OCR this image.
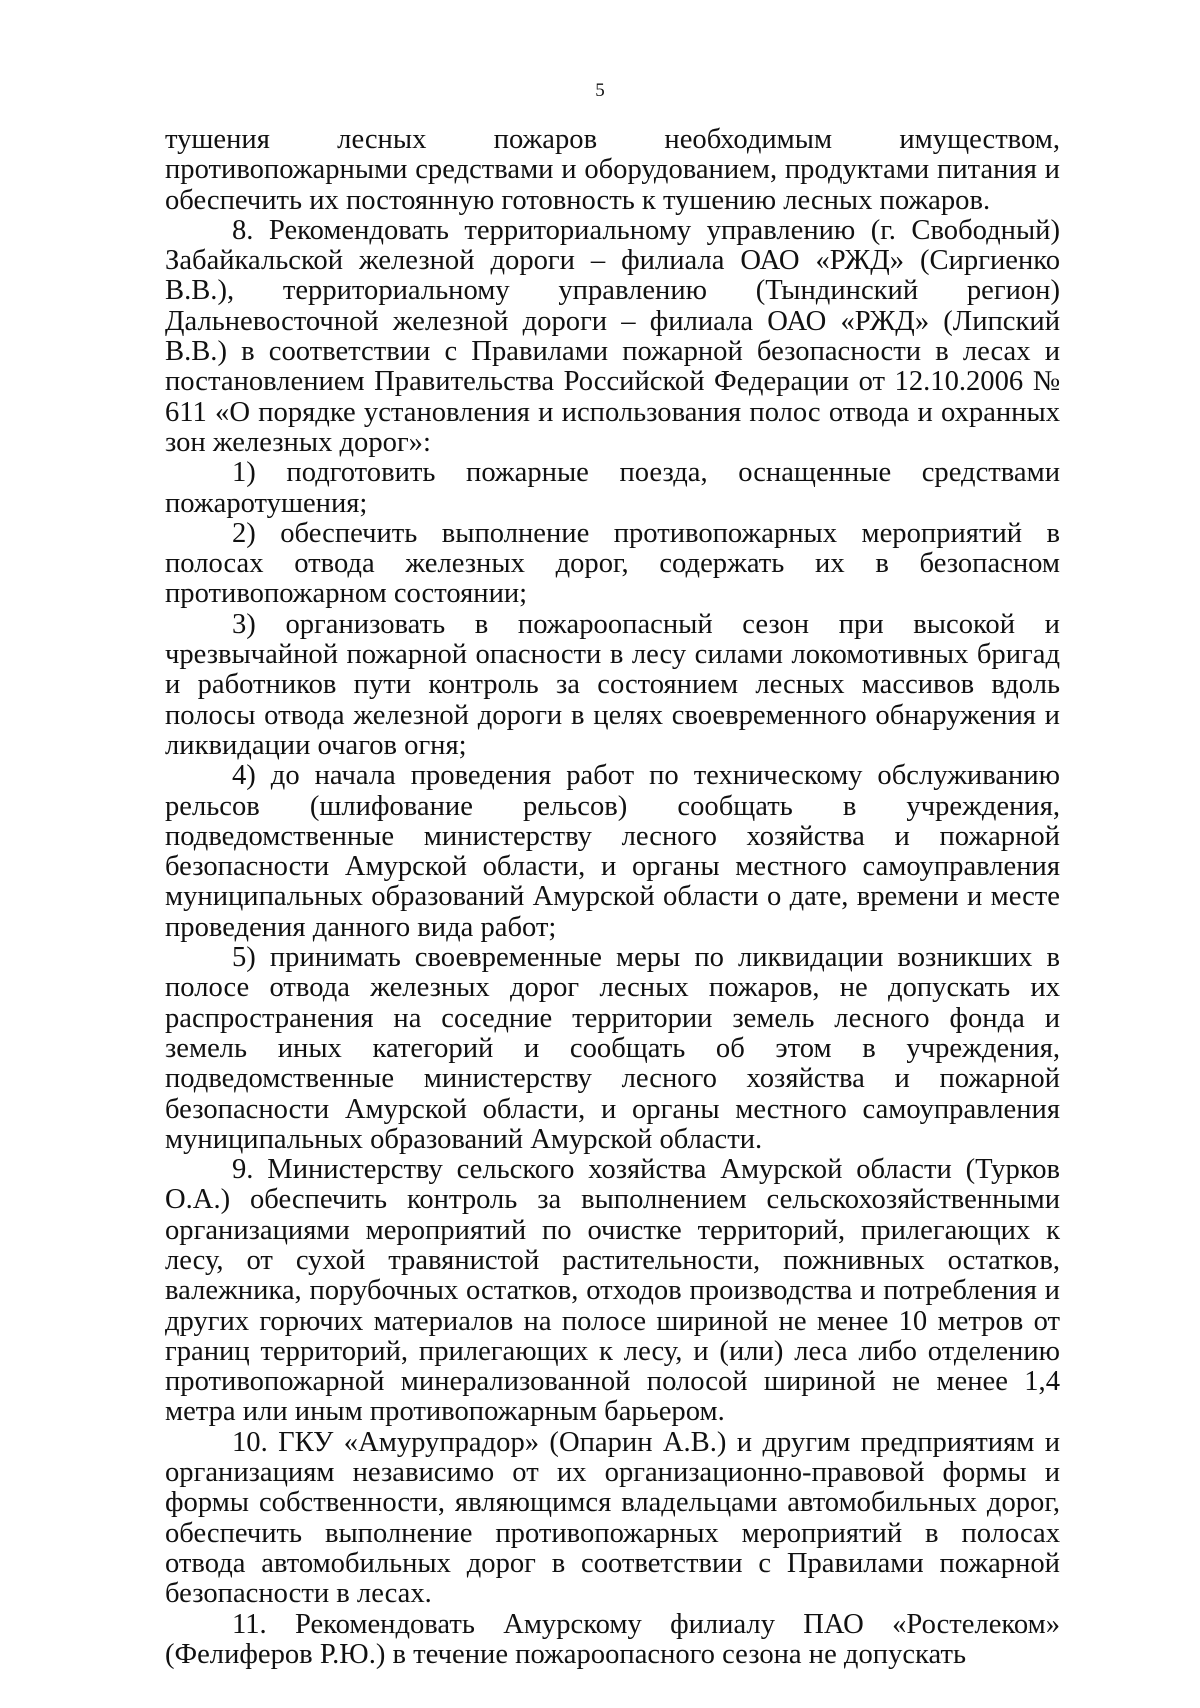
5

тушения лесных пожаров необходимым имуществом, противопожарными средствами и оборудованием, продуктами питания и обеспечить их постоянную готовность к тушению лесных пожаров.

8. Рекомендовать территориальному управлению (г. Свободный) Забайкальской железной дороги – филиала ОАО «РЖД» (Сиргиенко В.В.), территориальному управлению (Тындинский регион) Дальневосточной железной дороги – филиала ОАО «РЖД» (Липский В.В.) в соответствии с Правилами пожарной безопасности в лесах и постановлением Правительства Российской Федерации от 12.10.2006 № 611 «О порядке установления и использования полос отвода и охранных зон железных дорог»:

1) подготовить пожарные поезда, оснащенные средствами пожаротушения;

2) обеспечить выполнение противопожарных мероприятий в полосах отвода железных дорог, содержать их в безопасном противопожарном состоянии;

3) организовать в пожароопасный сезон при высокой и чрезвычайной пожарной опасности в лесу силами локомотивных бригад и работников пути контроль за состоянием лесных массивов вдоль полосы отвода железной дороги в целях своевременного обнаружения и ликвидации очагов огня;

4) до начала проведения работ по техническому обслуживанию рельсов (шлифование рельсов) сообщать в учреждения, подведомственные министерству лесного хозяйства и пожарной безопасности Амурской области, и органы местного самоуправления муниципальных образований Амурской области о дате, времени и месте проведения данного вида работ;

5) принимать своевременные меры по ликвидации возникших в полосе отвода железных дорог лесных пожаров, не допускать их распространения на соседние территории земель лесного фонда и земель иных категорий и сообщать об этом в учреждения, подведомственные министерству лесного хозяйства и пожарной безопасности Амурской области, и органы местного самоуправления муниципальных образований Амурской области.

9. Министерству сельского хозяйства Амурской области (Турков О.А.) обеспечить контроль за выполнением сельскохозяйственными организациями мероприятий по очистке территорий, прилегающих к лесу, от сухой травянистой растительности, пожнивных остатков, валежника, порубочных остатков, отходов производства и потребления и других горючих материалов на полосе шириной не менее 10 метров от границ территорий, прилегающих к лесу, и (или) леса либо отделению противопожарной минерализованной полосой шириной не менее 1,4 метра или иным противопожарным барьером.

10. ГКУ «Амурупрадор» (Опарин А.В.) и другим предприятиям и организациям независимо от их организационно-правовой формы и формы собственности, являющимся владельцами автомобильных дорог, обеспечить выполнение противопожарных мероприятий в полосах отвода автомобильных дорог в соответствии с Правилами пожарной безопасности в лесах.

11. Рекомендовать Амурскому филиалу ПАО «Ростелеком» (Фелиферов Р.Ю.) в течение пожароопасного сезона не допускать
